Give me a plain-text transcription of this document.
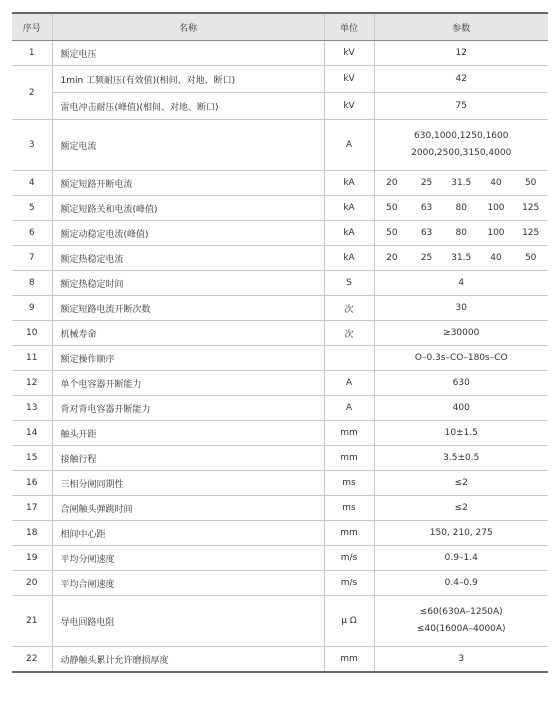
序号	名称	单位	参数
1	额定电压	kV	12
2	1min 工频耐压(有效值)(相间、对地、断口)	kV	42
	雷电冲击耐压(峰值)(相间、对地、断口)	kV	75
3	额定电流	A	630,1000,1250,1600
2000,2500,3150,4000

4	额定短路开断电流	kA	20 25 31.5 40 50

5	额定短路关和电流(峰值)	kA	50 63 80 100 125

6	额定动稳定电流(峰值)	kA	50 63 80 100 125

7	额定热稳定电流	kA	20 25 31.5 40 50

8	额定热稳定时间	S	4
9	额定短路电流开断次数	次	30
10	机械寿命	次	≥30000
11	额定操作顺序		O–0.3s–CO–180s–CO
12	单个电容器开断能力	A	630
13	背对背电容器开断能力	A	400
14	触头开距	mm	10±1.5
15	接触行程	mm	3.5±0.5
16	三相分闸同期性	ms	≤2
17	合闸触头弹跳时间	ms	≤2
18	相间中心距	mm	150, 210, 275
19	平均分闸速度	m/s	0.9–1.4
20	平均合闸速度	m/s	0.4–0.9
21	导电回路电阻	μ Ω	≤60(630A–1250A)
≤40(1600A–4000A)

22	动静触头累计允许磨损厚度	mm	3
